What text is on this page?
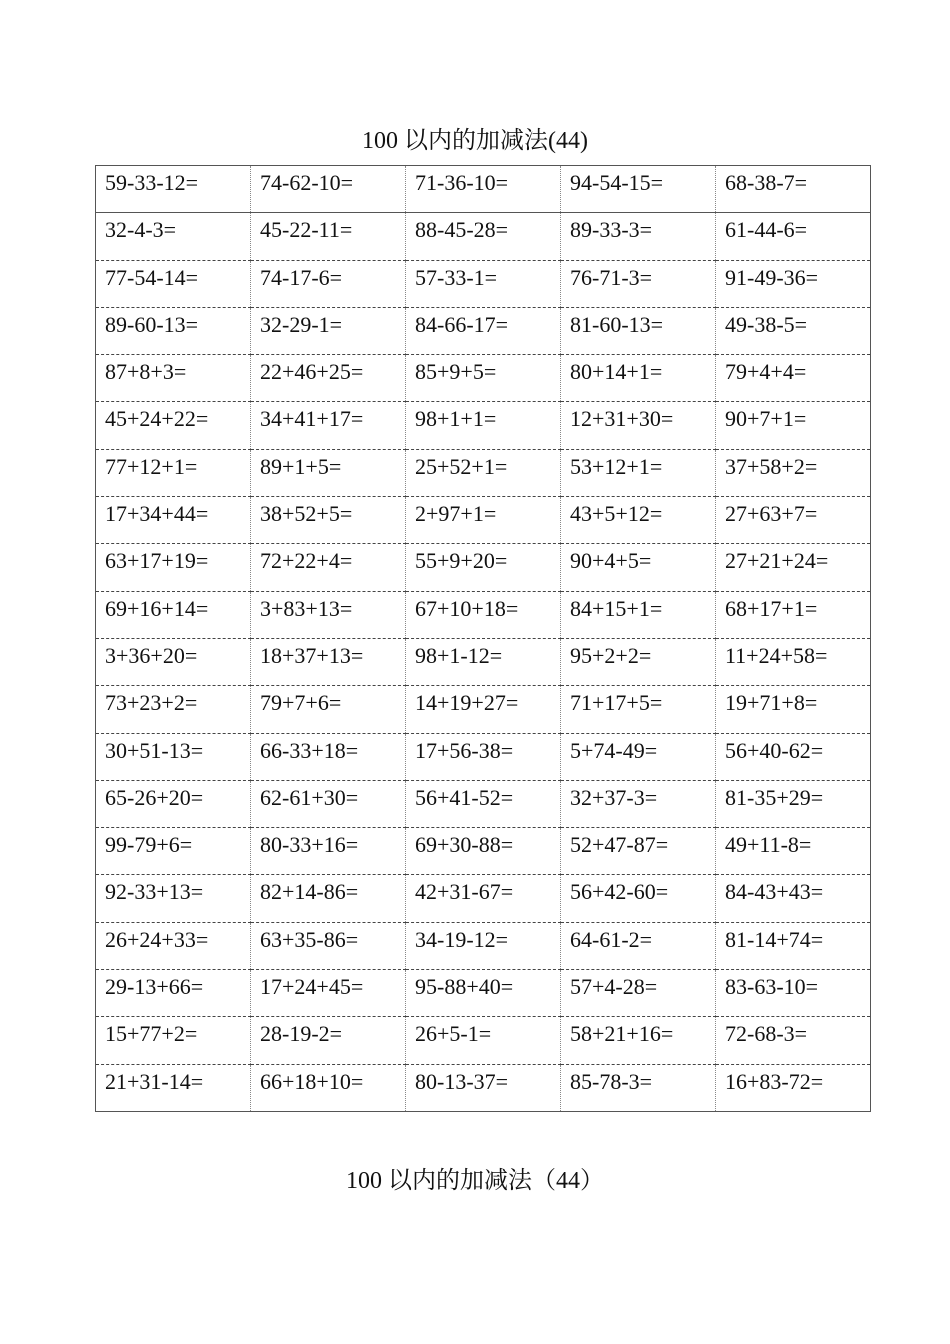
100 以内的加减法(44)
59-33-12=	74-62-10=	71-36-10=	94-54-15=	68-38-7=
32-4-3=	45-22-11=	88-45-28=	89-33-3=	61-44-6=
77-54-14=	74-17-6=	57-33-1=	76-71-3=	91-49-36=
89-60-13=	32-29-1=	84-66-17=	81-60-13=	49-38-5=
87+8+3=	22+46+25=	85+9+5=	80+14+1=	79+4+4=
45+24+22=	34+41+17=	98+1+1=	12+31+30=	90+7+1=
77+12+1=	89+1+5=	25+52+1=	53+12+1=	37+58+2=
17+34+44=	38+52+5=	2+97+1=	43+5+12=	27+63+7=
63+17+19=	72+22+4=	55+9+20=	90+4+5=	27+21+24=
69+16+14=	3+83+13=	67+10+18=	84+15+1=	68+17+1=
3+36+20=	18+37+13=	98+1-12=	95+2+2=	11+24+58=
73+23+2=	79+7+6=	14+19+27=	71+17+5=	19+71+8=
30+51-13=	66-33+18=	17+56-38=	5+74-49=	56+40-62=
65-26+20=	62-61+30=	56+41-52=	32+37-3=	81-35+29=
99-79+6=	80-33+16=	69+30-88=	52+47-87=	49+11-8=
92-33+13=	82+14-86=	42+31-67=	56+42-60=	84-43+43=
26+24+33=	63+35-86=	34-19-12=	64-61-2=	81-14+74=
29-13+66=	17+24+45=	95-88+40=	57+4-28=	83-63-10=
15+77+2=	28-19-2=	26+5-1=	58+21+16=	72-68-3=
21+31-14=	66+18+10=	80-13-37=	85-78-3=	16+83-72=
100 以内的加减法（44）
